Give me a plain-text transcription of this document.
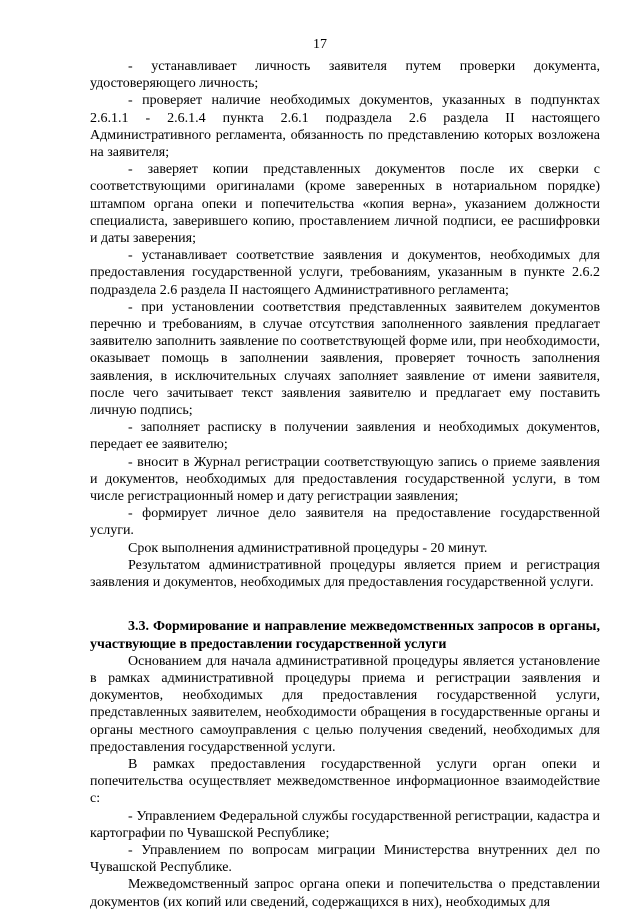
17

- устанавливает личность заявителя путем проверки документа, удостоверяющего личность;

- проверяет наличие необходимых документов, указанных в подпунктах 2.6.1.1 - 2.6.1.4 пункта 2.6.1 подраздела 2.6 раздела II настоящего Административного регламента, обязанность по представлению которых возложена на заявителя;

- заверяет копии представленных документов после их сверки с соответствующими оригиналами (кроме заверенных в нотариальном порядке) штампом органа опеки и попечительства «копия верна», указанием должности специалиста, заверившего копию, проставлением личной подписи, ее расшифровки и даты заверения;

- устанавливает соответствие заявления и документов, необходимых для предоставления государственной услуги, требованиям, указанным в пункте 2.6.2 подраздела 2.6 раздела II настоящего Административного регламента;

- при установлении соответствия представленных заявителем документов перечню и требованиям, в случае отсутствия заполненного заявления предлагает заявителю заполнить заявление по соответствующей форме или, при необходимости, оказывает помощь в заполнении заявления, проверяет точность заполнения заявления, в исключительных случаях заполняет заявление от имени заявителя, после чего зачитывает текст заявления заявителю и предлагает ему поставить личную подпись;

- заполняет расписку в получении заявления и необходимых документов, передает ее заявителю;

- вносит в Журнал регистрации соответствующую запись о приеме заявления и документов, необходимых для предоставления государственной услуги, в том числе регистрационный номер и дату регистрации заявления;

- формирует личное дело заявителя на предоставление государственной услуги.

Срок выполнения административной процедуры - 20 минут.

Результатом административной процедуры является прием и регистрация заявления и документов, необходимых для предоставления государственной услуги.

3.3. Формирование и направление межведомственных запросов в органы, участвующие в предоставлении государственной услуги

Основанием для начала административной процедуры является установление в рамках административной процедуры приема и регистрации заявления и документов, необходимых для предоставления государственной услуги, представленных заявителем, необходимости обращения в государственные органы и органы местного самоуправления с целью получения сведений, необходимых для предоставления государственной услуги.

В рамках предоставления государственной услуги орган опеки и попечительства осуществляет межведомственное информационное взаимодействие с:

- Управлением Федеральной службы государственной регистрации, кадастра и картографии по Чувашской Республике;

- Управлением по вопросам миграции Министерства внутренних дел по Чувашской Республике.

Межведомственный запрос органа опеки и попечительства о представлении документов (их копий или сведений, содержащихся в них), необходимых для
